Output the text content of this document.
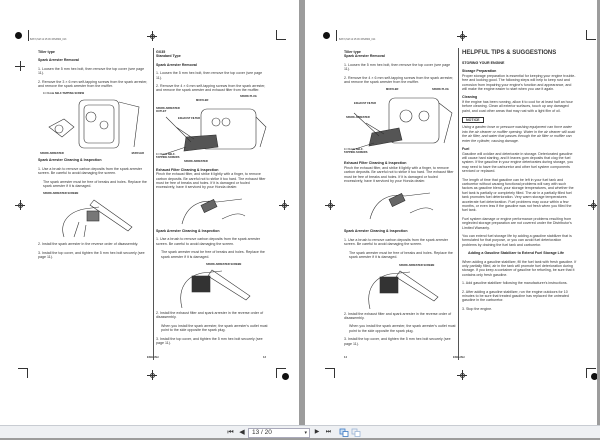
BAT/3,SM 12:15:06 33SZ800_013
Tiller type
Spark Arrester Removal

1. Loosen the 5 mm hex bolt, then remove the top cover (see page 11).

2. Remove the 3 × 6 mm self-tapping screws from the spark arrester, and remove the spark arrester from the muffler.

4 × 6 mm SELF-TAPPING SCREW
SPARK ARRESTER	MUFFLER
Spark Arrester Cleaning & Inspection

1. Use a brush to remove carbon deposits from the spark arrester screen. Be careful to avoid damaging the screen.

The spark arrester must be free of breaks and holes. Replace the spark arrester if it is damaged.

SPARK ARRESTER SCREEN

2. Install the spark arrester in the reverse order of disassembly.

3. Install the top cover, and tighten the 5 mm hex bolt securely (see page 11).

GX35
Standard Type
Spark Arrester Removal

1. Loosen the 5 mm hex bolt, then remove the top cover (see page 11).

2. Remove the 4 × 6 mm self-tapping screws from the spark arrester, and remove the spark arrester and exhaust filter from the muffler.

MUFFLER
SPARK PLUG
SPARK ARRESTER OUTLET
EXHAUST FILTER
4 × 6 mm SELF-TAPPING SCREWS
SPARK ARRESTER
Exhaust Filter Cleaning & Inspection

Pinch the exhaust filter, and strike it lightly with a finger, to remove carbon deposits. Be careful not to strike it too hard. The exhaust filter must be free of breaks and holes. If it is damaged or fouled excessively, have it serviced by your Honda dealer.

Spark Arrester Cleaning & Inspection

1. Use a brush to remove carbon deposits from the spark arrester screen. Be careful to avoid damaging the screen.

The spark arrester must be free of breaks and holes. Replace the spark arrester if it is damaged.

SPARK ARRESTER SCREEN

2. Install the exhaust filter and spark arrester in the reverse order of disassembly.

When you install the spark arrester, the spark arrester's outlet must point to the side opposite the spark plug.

3. Install the top cover, and tighten the 5 mm hex bolt securely (see page 11).

ENGLISH	13
BAT/3,SM 12:15:06 33SZ800_014
Tiller type
Spark Arrester Removal

1. Loosen the 5 mm hex bolt, then remove the top cover (see page 11).

2. Remove the 4 × 6 mm self-tapping screws from the spark arrester, and remove the spark arrester from the muffler.

MUFFLER	SPARK PLUG
EXHAUST FILTER
SPARK ARRESTER
4 × 6 mm SELF-TAPPING SCREWS
Exhaust Filter Cleaning & Inspection

Pinch the exhaust filter, and strike it lightly with a finger, to remove carbon deposits. Be careful not to strike it too hard. The exhaust filter must be free of breaks and holes. If it is damaged or fouled excessively, have it serviced by your Honda dealer.

Spark Arrester Cleaning & Inspection

1. Use a brush to remove carbon deposits from the spark arrester screen. Be careful to avoid damaging the screen.

The spark arrester must be free of breaks and holes. Replace the spark arrester if it is damaged.

SPARK ARRESTER SCREEN

2. Install the exhaust filter and spark arrester in the reverse order of disassembly.

When you install the spark arrester, the spark arrester's outlet must point to the side opposite the spark plug.

3. Install the top cover, and tighten the 5 mm hex bolt securely (see page 11).

HELPFUL TIPS & SUGGESTIONS
STORING YOUR ENGINE
Storage Preparation

Proper storage preparation is essential for keeping your engine trouble-free and looking good. The following steps will help to keep rust and corrosion from impairing your engine's function and appearance, and will make the engine easier to start when you use it again.

Cleaning

If the engine has been running, allow it to cool for at least half an hour before cleaning. Clean all exterior surfaces, touch up any damaged paint, and coat other areas that may rust with a light film of oil.

NOTICE

Using a garden hose or pressure washing equipment can force water into the air cleaner or muffler opening. Water in the air cleaner will soak the air filter, and water that passes through the air filter or muffler can enter the cylinder, causing damage.

Fuel

Gasoline will oxidize and deteriorate in storage. Deteriorated gasoline will cause hard starting, and it leaves gum deposits that clog the fuel system. If the gasoline in your engine deteriorates during storage, you may need to have the carburetor and other fuel system components serviced or replaced.

The length of time that gasoline can be left in your fuel tank and carburetor without causing functional problems will vary with such factors as gasoline blend, your storage temperatures, and whether the fuel tank is partially or completely filled. The air in a partially filled fuel tank promotes fuel deterioration. Very warm storage temperatures accelerate fuel deterioration. Fuel problems may occur within a few months, or even less if the gasoline was not fresh when you filled the fuel tank.

Fuel system damage or engine performance problems resulting from neglected storage preparation are not covered under the Distributor's Limited Warranty.

You can extend fuel storage life by adding a gasoline stabilizer that is formulated for that purpose, or you can avoid fuel deterioration problems by draining the fuel tank and carburetor.

Adding a Gasoline Stabilizer to Extend Fuel Storage Life

When adding a gasoline stabilizer, fill the fuel tank with fresh gasoline. If only partially filled, air in the tank will promote fuel deterioration during storage. If you keep a container of gasoline for refueling, be sure that it contains only fresh gasoline.

1. Add gasoline stabilizer following the manufacturer's instructions.

2. After adding a gasoline stabilizer, run the engine outdoors for 10 minutes to be sure that treated gasoline has replaced the untreated gasoline in the carburetor.

3. Stop the engine.

14	ENGLISH
⏮ ◀	13 / 20	▾ ▶ ⏭
